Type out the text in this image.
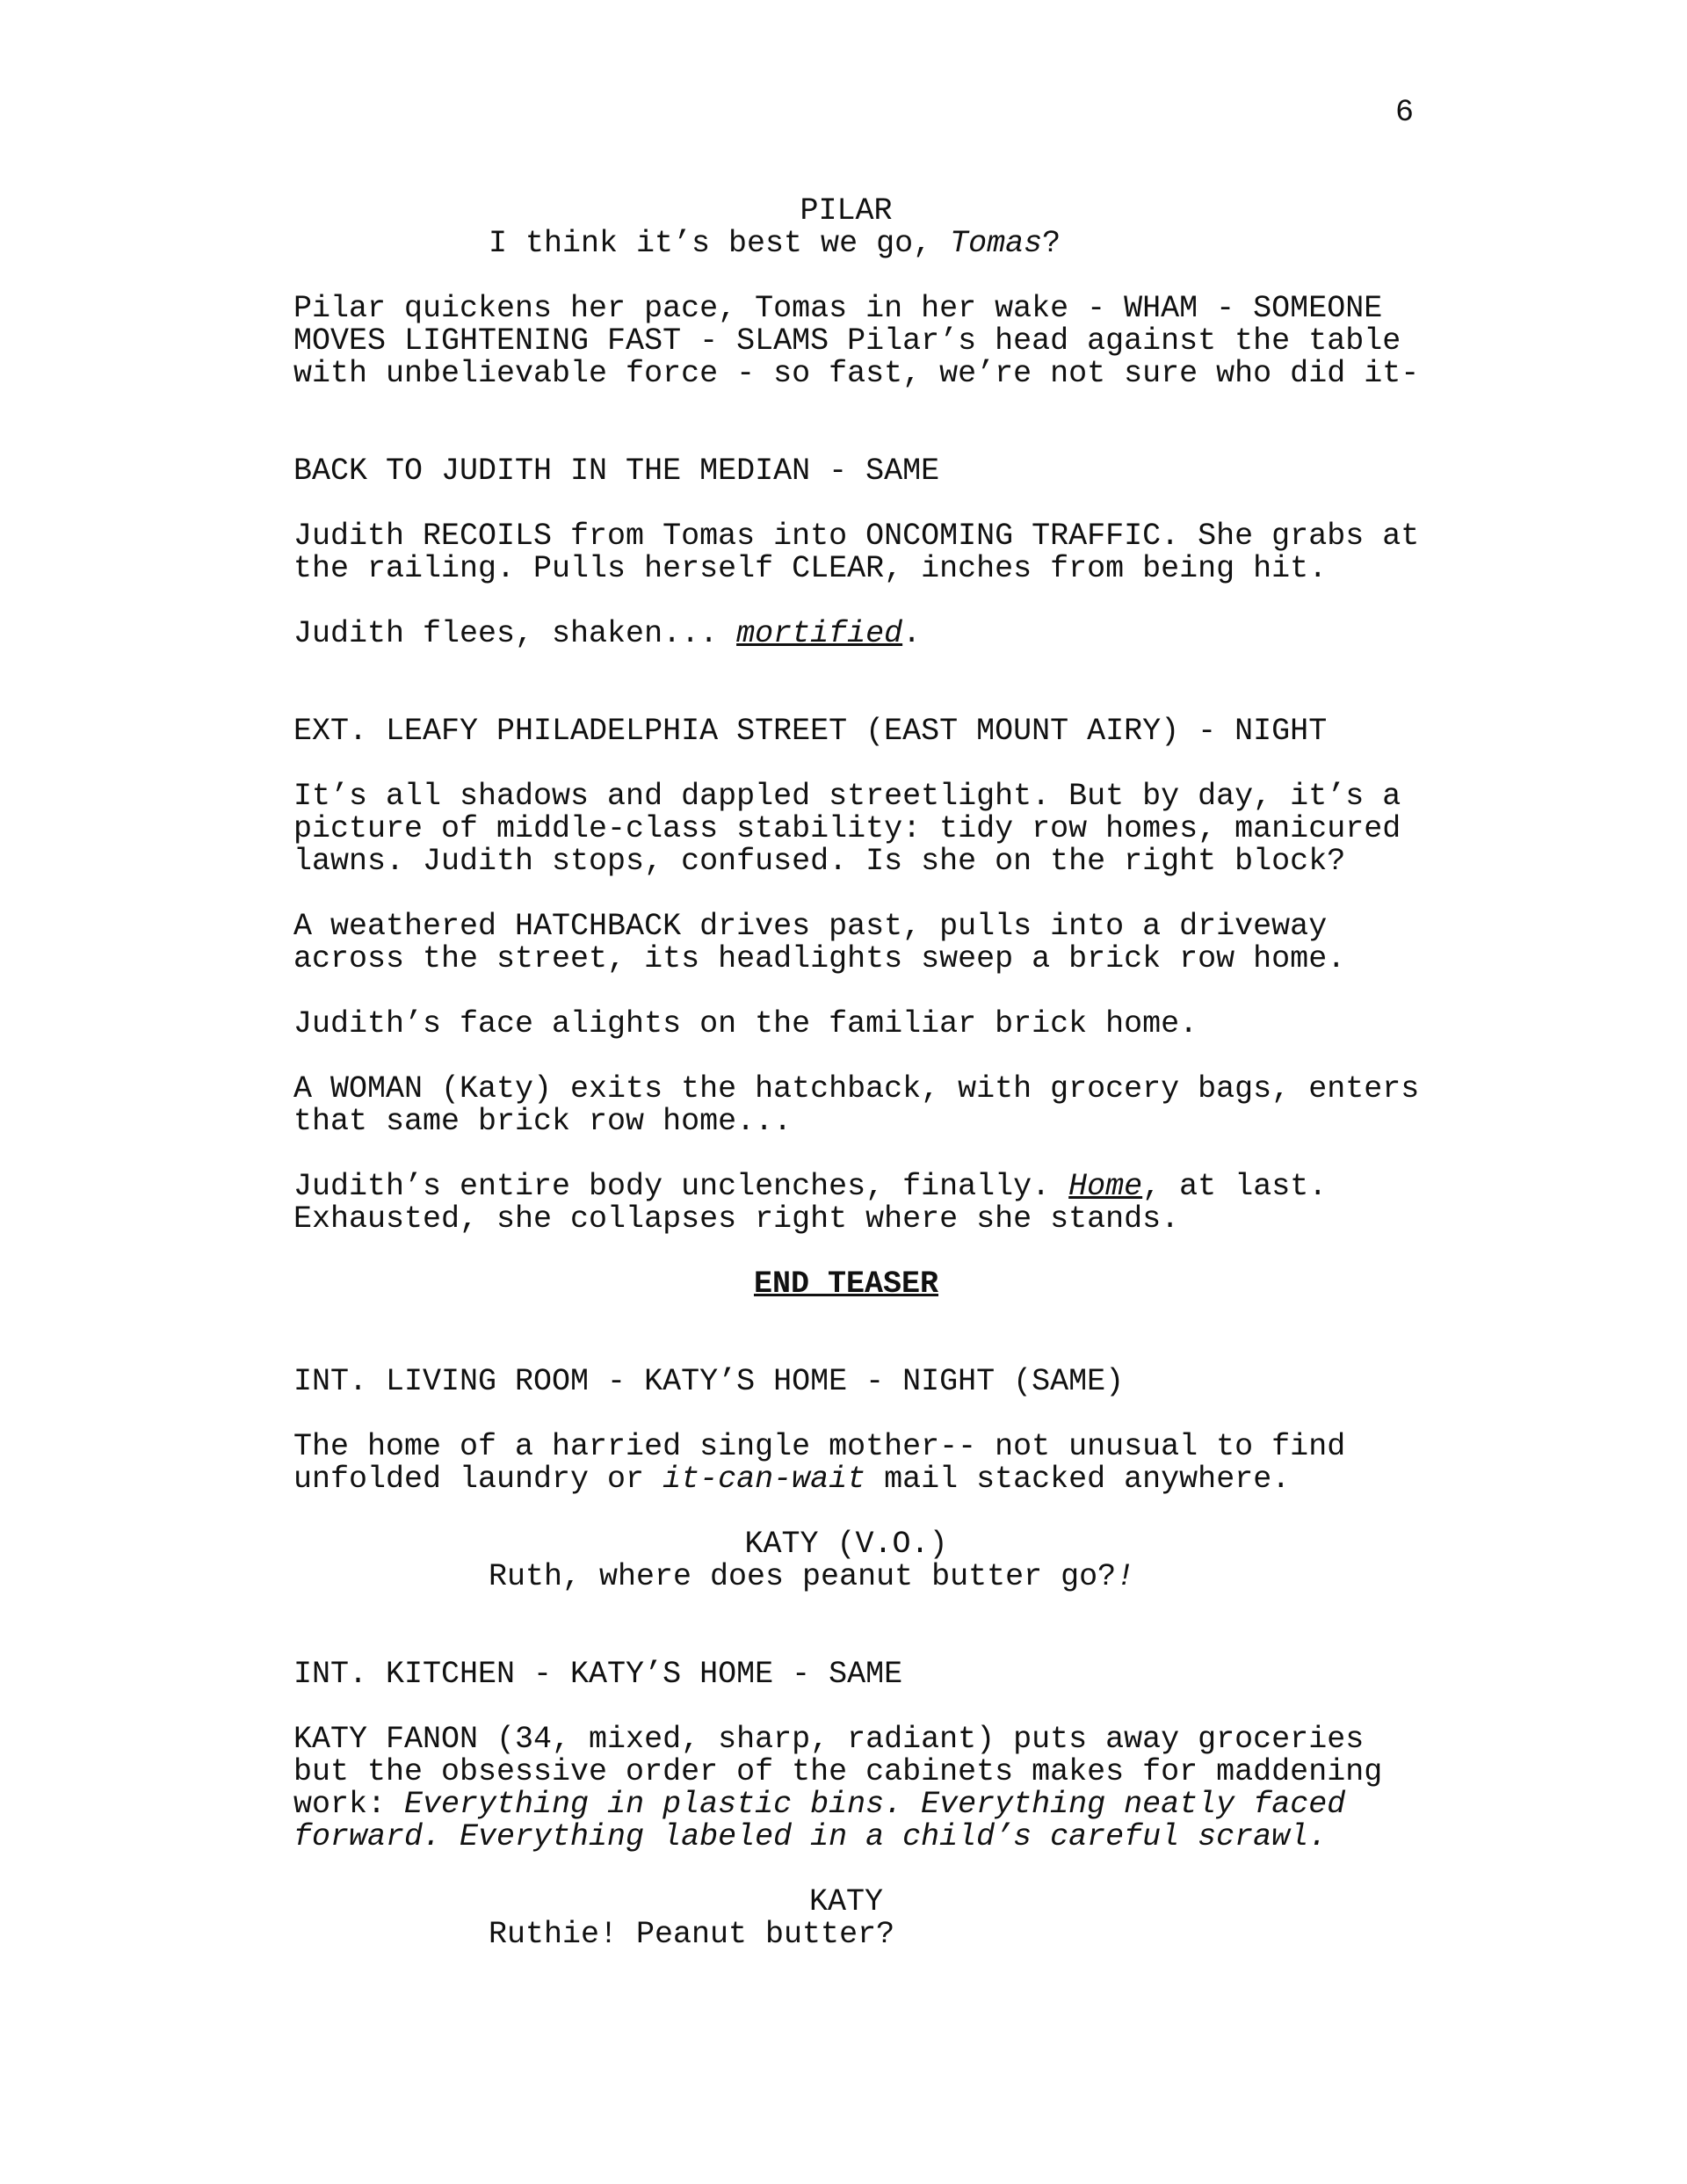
6
PILAR
I think it’s best we go, Tomas?
Pilar quickens her pace, Tomas in her wake - WHAM - SOMEONE
MOVES LIGHTENING FAST - SLAMS Pilar’s head against the table
with unbelievable force - so fast, we’re not sure who did it-
BACK TO JUDITH IN THE MEDIAN - SAME
Judith RECOILS from Tomas into ONCOMING TRAFFIC. She grabs at
the railing. Pulls herself CLEAR, inches from being hit.
Judith flees, shaken... mortified.
EXT. LEAFY PHILADELPHIA STREET (EAST MOUNT AIRY) - NIGHT
It’s all shadows and dappled streetlight. But by day, it’s a
picture of middle-class stability: tidy row homes, manicured
lawns. Judith stops, confused. Is she on the right block?
A weathered HATCHBACK drives past, pulls into a driveway
across the street, its headlights sweep a brick row home.
Judith’s face alights on the familiar brick home.
A WOMAN (Katy) exits the hatchback, with grocery bags, enters
that same brick row home...
Judith’s entire body unclenches, finally. Home, at last.
Exhausted, she collapses right where she stands.
END TEASER
INT. LIVING ROOM - KATY’S HOME - NIGHT (SAME)
The home of a harried single mother-- not unusual to find
unfolded laundry or it-can-wait mail stacked anywhere.
KATY (V.O.)
Ruth, where does peanut butter go?!
INT. KITCHEN - KATY’S HOME - SAME
KATY FANON (34, mixed, sharp, radiant) puts away groceries
but the obsessive order of the cabinets makes for maddening
work: Everything in plastic bins. Everything neatly faced
forward. Everything labeled in a child’s careful scrawl.
KATY
Ruthie! Peanut butter?
